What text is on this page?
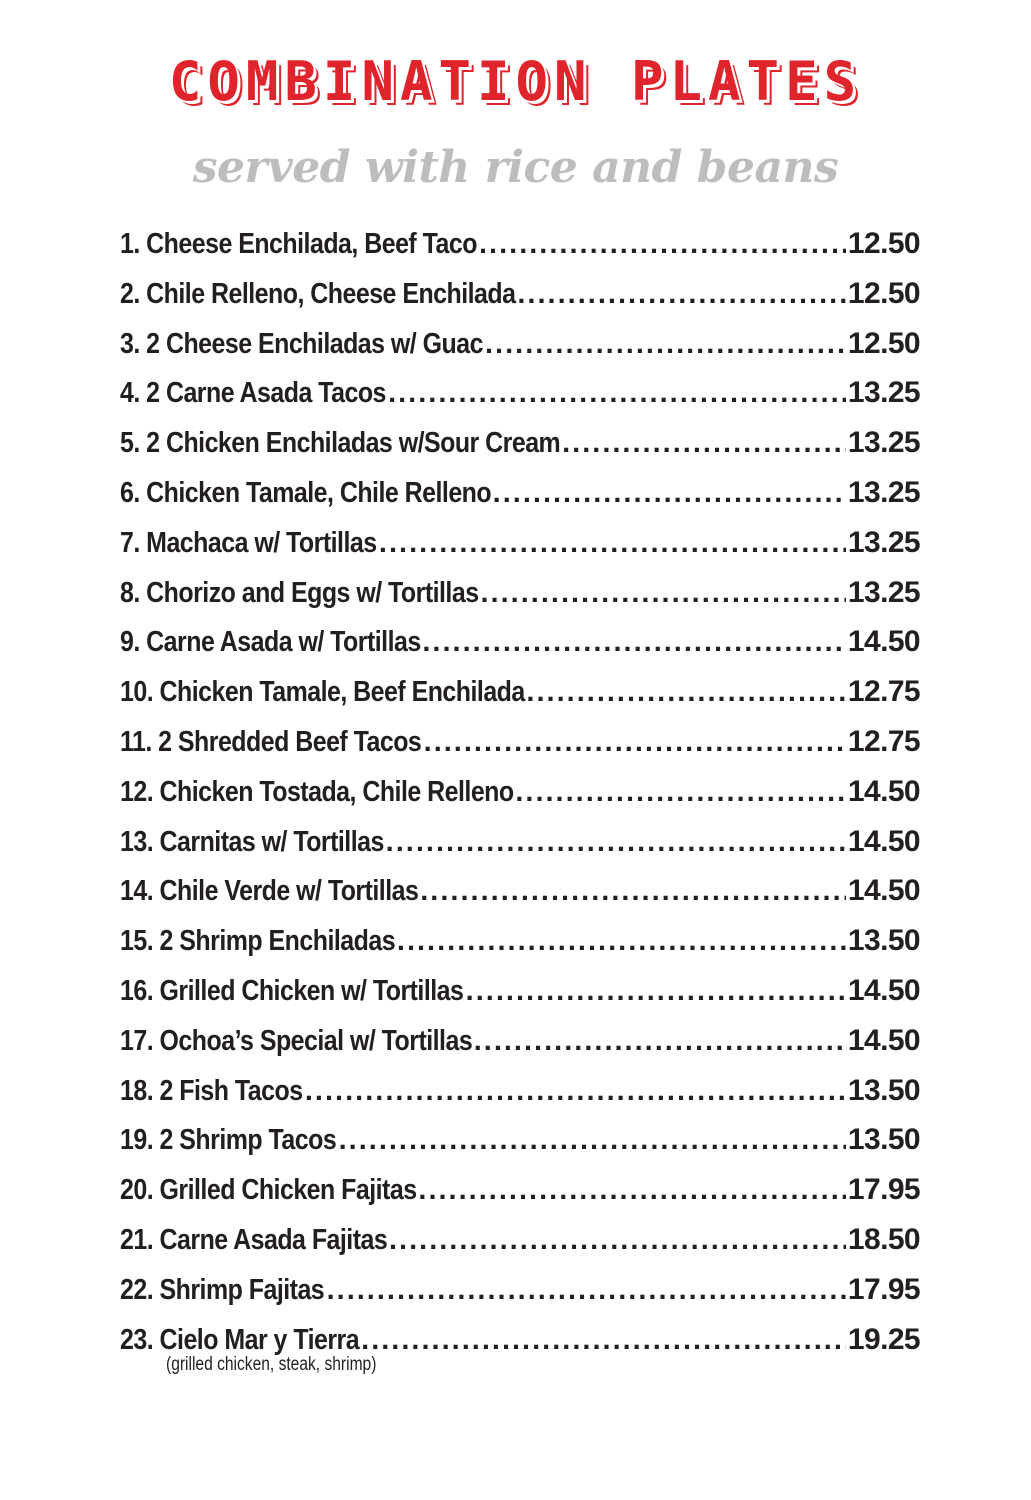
COMBINATION PLATES
served with rice and beans
1. Cheese Enchilada, Beef Taco .....	12.50
2. Chile Relleno, Cheese Enchilada .....	12.50
3. 2 Cheese Enchiladas w/ Guac .....	12.50
4. 2 Carne Asada Tacos .....	13.25
5. 2 Chicken Enchiladas w/Sour Cream .....	13.25
6. Chicken Tamale, Chile Relleno .....	13.25
7. Machaca w/ Tortillas .....	13.25
8. Chorizo and Eggs w/ Tortillas .....	13.25
9. Carne Asada w/ Tortillas .....	14.50
10. Chicken Tamale, Beef Enchilada .....	12.75
11. 2 Shredded Beef Tacos .....	12.75
12. Chicken Tostada, Chile Relleno .....	14.50
13. Carnitas w/ Tortillas .....	14.50
14. Chile Verde w/ Tortillas .....	14.50
15. 2 Shrimp Enchiladas .....	13.50
16. Grilled Chicken w/ Tortillas .....	14.50
17. Ochoa’s Special w/ Tortillas .....	14.50
18. 2 Fish Tacos .....	13.50
19. 2 Shrimp Tacos .....	13.50
20. Grilled Chicken Fajitas .....	17.95
21. Carne Asada Fajitas .....	18.50
22. Shrimp Fajitas .....	17.95
23. Cielo Mar y Tierra .....	19.25
(grilled chicken, steak, shrimp)
